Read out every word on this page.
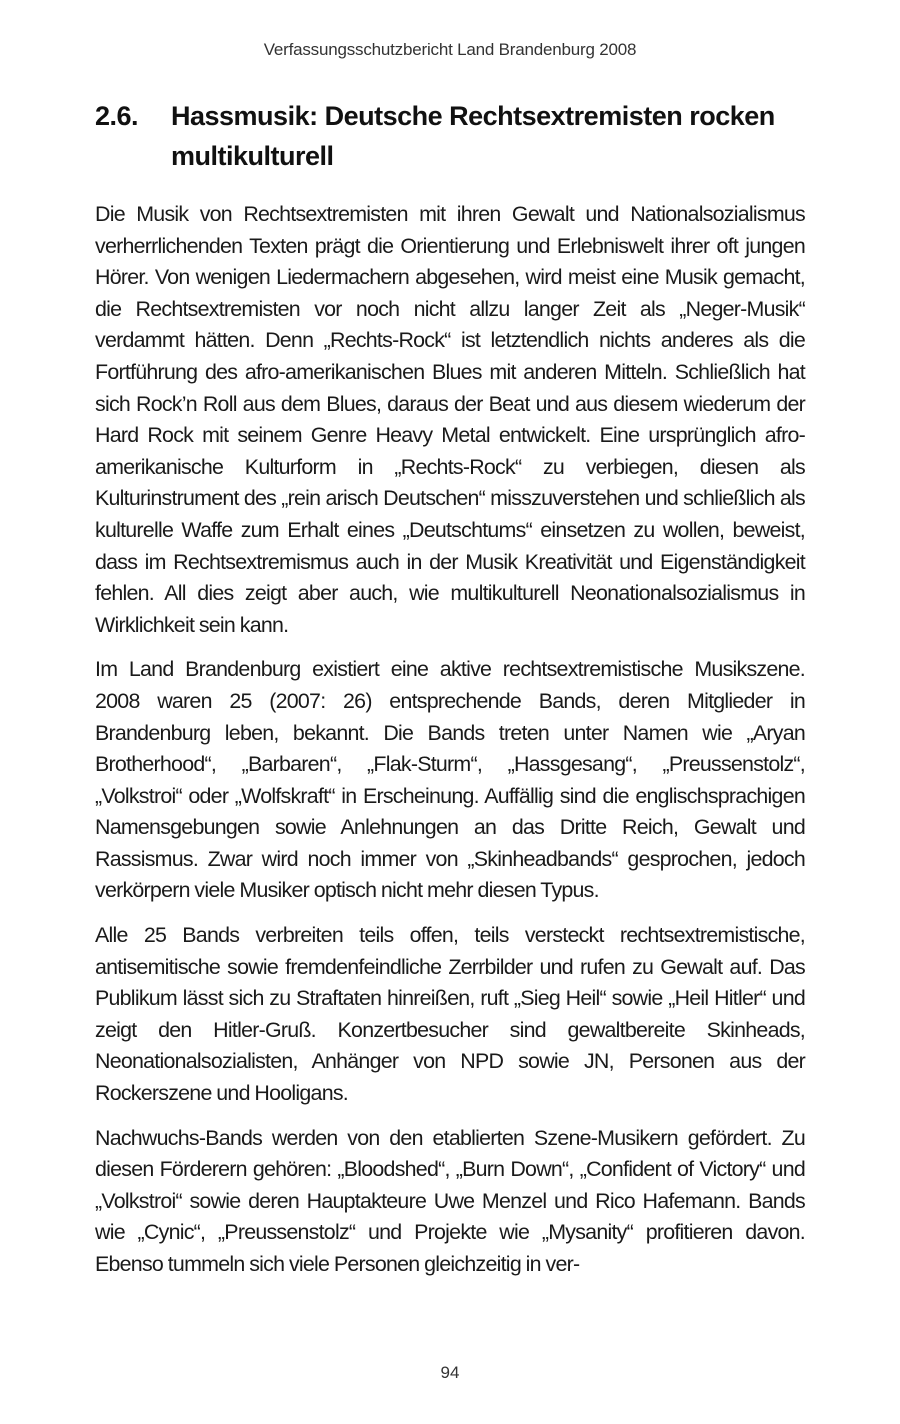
Verfassungsschutzbericht Land Brandenburg 2008
2.6. Hassmusik: Deutsche Rechtsextremisten rocken
multikulturell

Die Musik von Rechtsextremisten mit ihren Gewalt und Nationalsozialismus verherrlichenden Texten prägt die Orientierung und Erlebniswelt ihrer oft jungen Hörer. Von wenigen Liedermachern abgesehen, wird meist eine Musik gemacht, die Rechtsextremisten vor noch nicht allzu langer Zeit als „Neger-Musik“ verdammt hätten. Denn „Rechts-Rock“ ist letztendlich nichts anderes als die Fortführung des afro-amerikanischen Blues mit anderen Mitteln. Schließlich hat sich Rock’n Roll aus dem Blues, daraus der Beat und aus diesem wiederum der Hard Rock mit seinem Genre Heavy Metal entwickelt. Eine ursprünglich afro-amerikanische Kulturform in „Rechts-Rock“ zu verbiegen, diesen als Kulturinstrument des „rein arisch Deutschen“ misszuverstehen und schließlich als kulturelle Waffe zum Erhalt eines „Deutschtums“ einsetzen zu wollen, beweist, dass im Rechtsextremismus auch in der Musik Kreativität und Eigenständigkeit fehlen. All dies zeigt aber auch, wie multikulturell Neonationalsozialismus in Wirklichkeit sein kann.

Im Land Brandenburg existiert eine aktive rechtsextremistische Musikszene. 2008 waren 25 (2007: 26) entsprechende Bands, deren Mitglieder in Brandenburg leben, bekannt. Die Bands treten unter Namen wie „Aryan Brotherhood“, „Barbaren“, „Flak-Sturm“, „Hassgesang“, „Preussenstolz“, „Volkstroi“ oder „Wolfskraft“ in Erscheinung. Auffällig sind die englischsprachigen Namensgebungen sowie Anlehnungen an das Dritte Reich, Gewalt und Rassismus. Zwar wird noch immer von „Skinheadbands“ gesprochen, jedoch verkörpern viele Musiker optisch nicht mehr diesen Typus.

Alle 25 Bands verbreiten teils offen, teils versteckt rechtsextremistische, antisemitische sowie fremdenfeindliche Zerrbilder und rufen zu Gewalt auf. Das Publikum lässt sich zu Straftaten hinreißen, ruft „Sieg Heil“ sowie „Heil Hitler“ und zeigt den Hitler-Gruß. Konzertbesucher sind gewaltbereite Skinheads, Neonationalsozialisten, Anhänger von NPD sowie JN, Personen aus der Rockerszene und Hooligans.

Nachwuchs-Bands werden von den etablierten Szene-Musikern gefördert. Zu diesen Förderern gehören: „Bloodshed“, „Burn Down“, „Confident of Victory“ und „Volkstroi“ sowie deren Hauptakteure Uwe Menzel und Rico Hafemann. Bands wie „Cynic“, „Preussenstolz“ und Projekte wie „Mysanity“ profitieren davon. Ebenso tummeln sich viele Personen gleichzeitig in ver-

94
